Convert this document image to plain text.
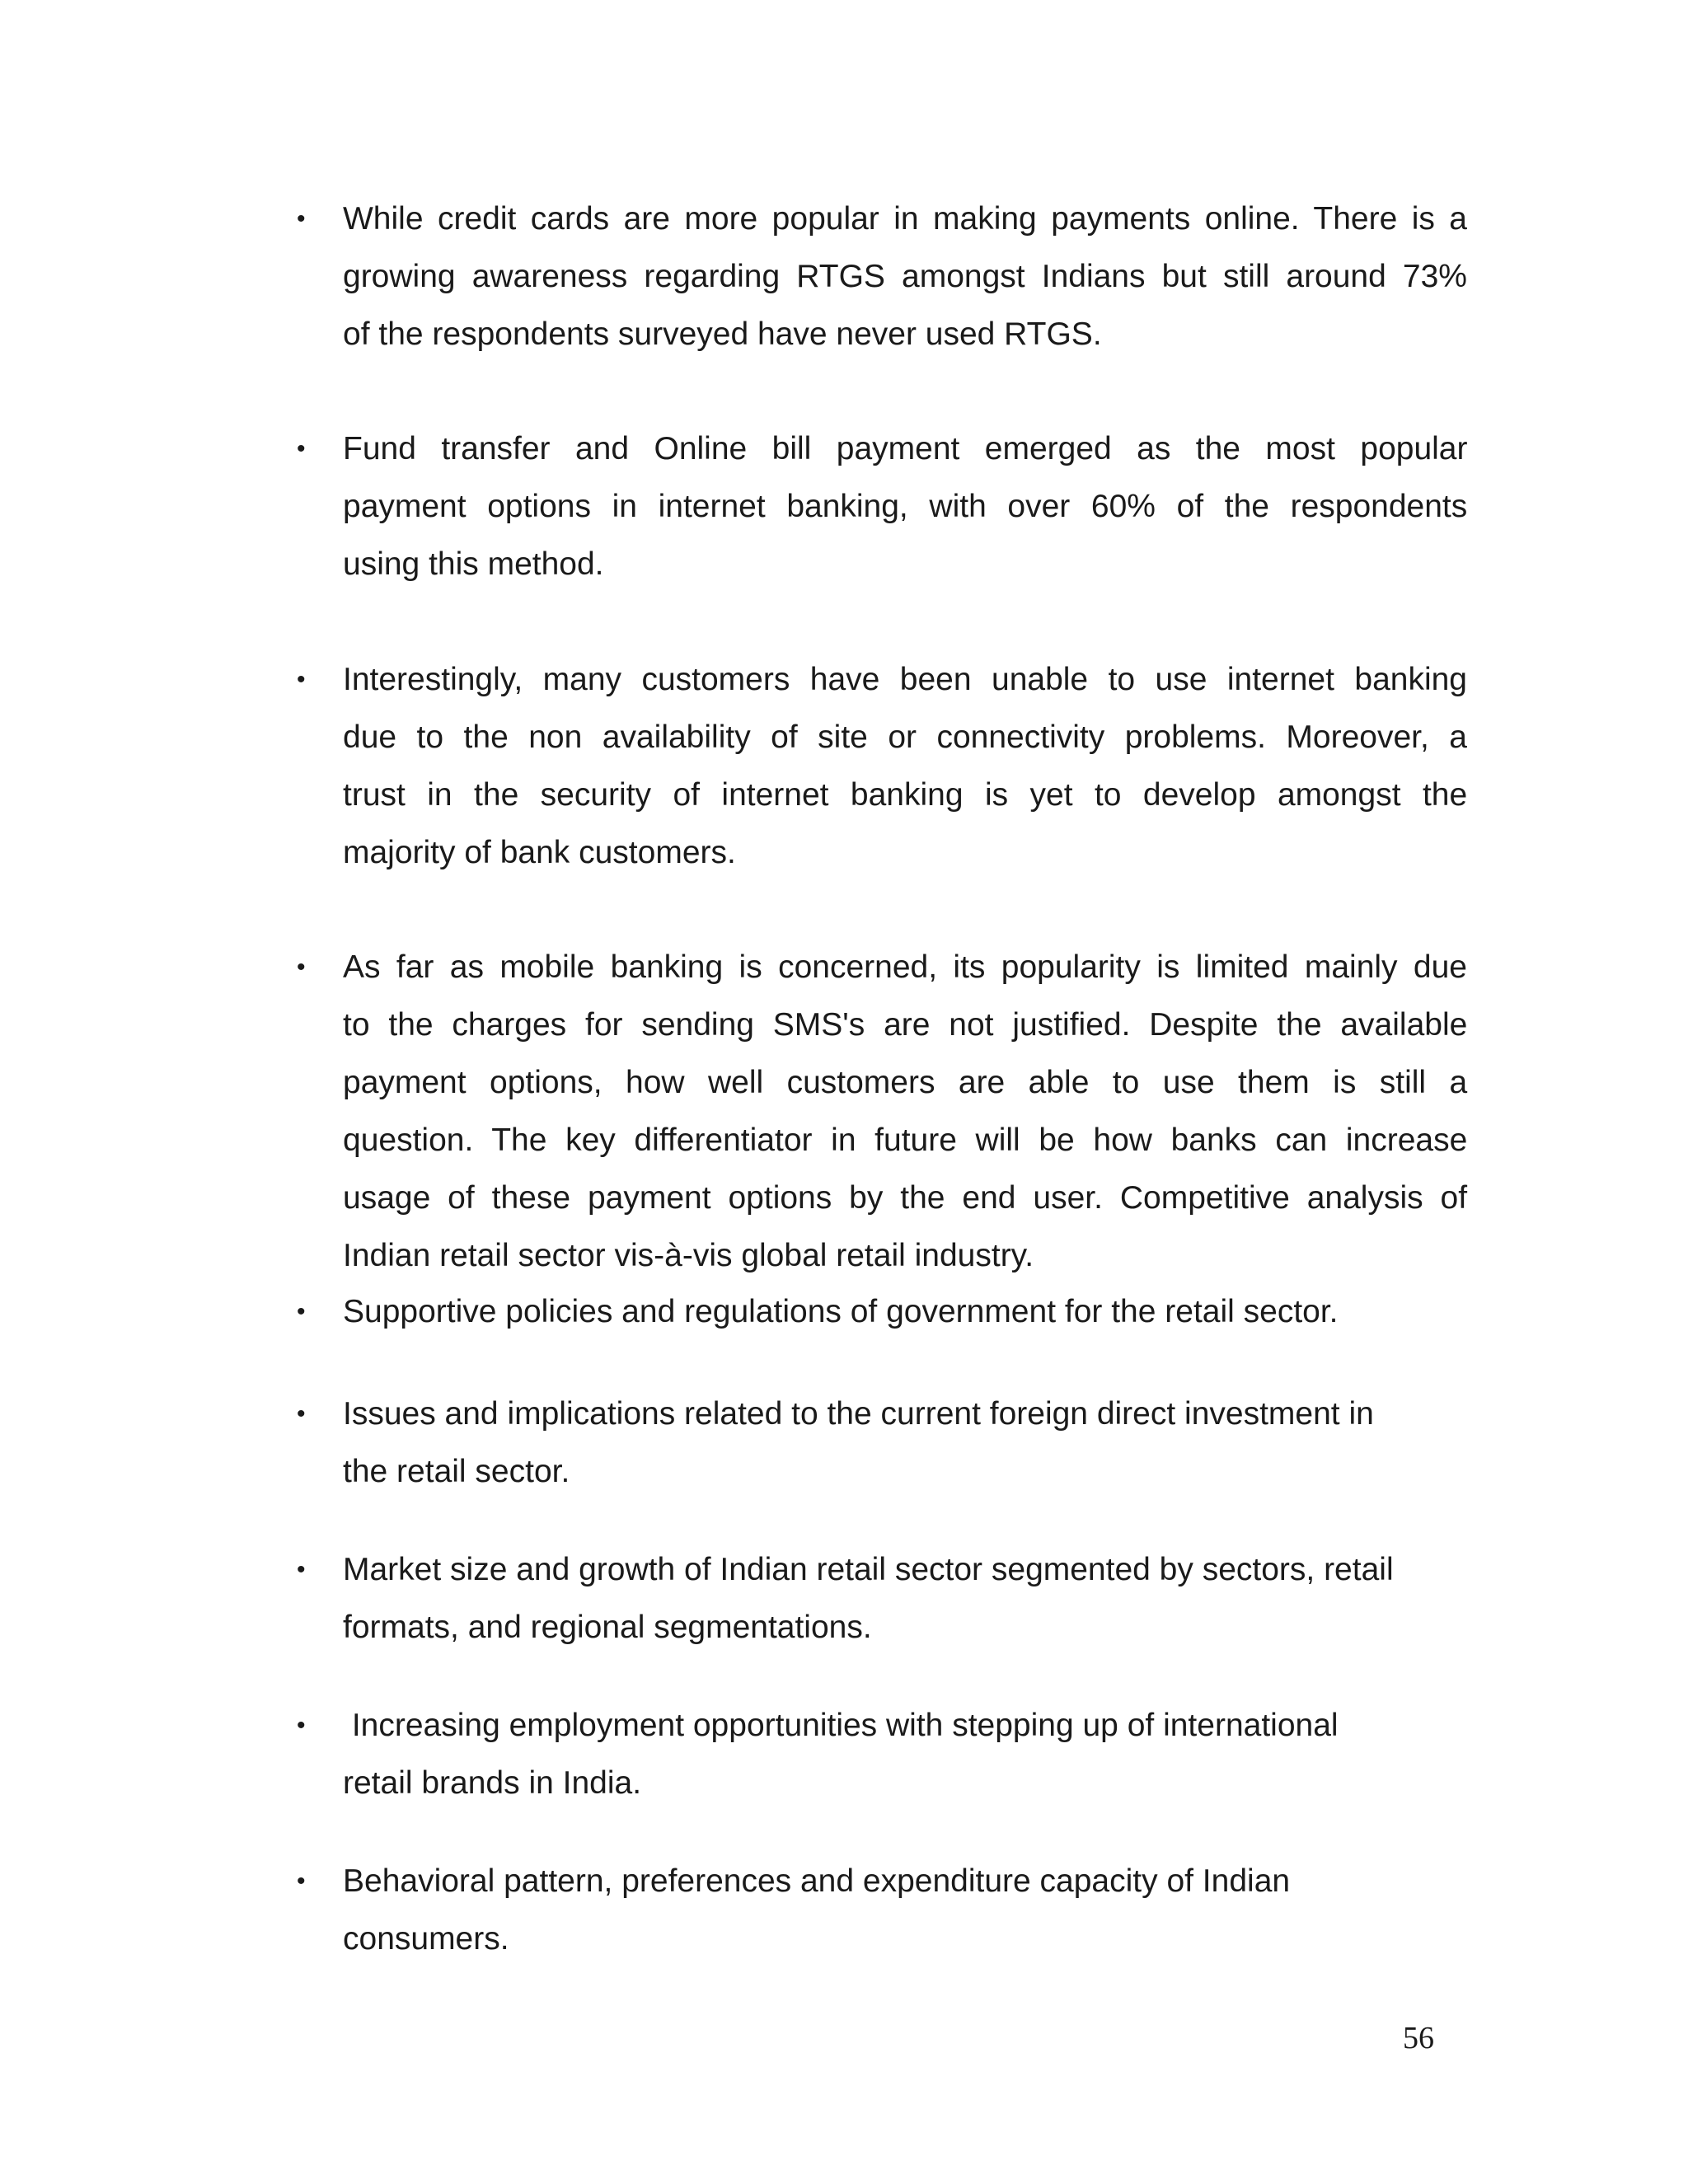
• While credit cards are more popular in making payments online. There is a
growing awareness regarding RTGS amongst Indians but still around 73%
of the respondents surveyed have never used RTGS.
• Fund transfer and Online bill payment emerged as the most popular
payment options in internet banking, with over 60% of the respondents
using this method.
• Interestingly, many customers have been unable to use internet banking
due to the non availability of site or connectivity problems. Moreover, a
trust in the security of internet banking is yet to develop amongst the
majority of bank customers.
• As far as mobile banking is concerned, its popularity is limited mainly due
to the charges for sending SMS's are not justified. Despite the available
payment options, how well customers are able to use them is still a
question. The key differentiator in future will be how banks can increase
usage of these payment options by the end user. Competitive analysis of
Indian retail sector vis-à-vis global retail industry.
• Supportive policies and regulations of government for the retail sector.
• Issues and implications related to the current foreign direct investment in
the retail sector.
• Market size and growth of Indian retail sector segmented by sectors, retail
formats, and regional segmentations.
• Increasing employment opportunities with stepping up of international
retail brands in India.
• Behavioral pattern, preferences and expenditure capacity of Indian
consumers.
56
